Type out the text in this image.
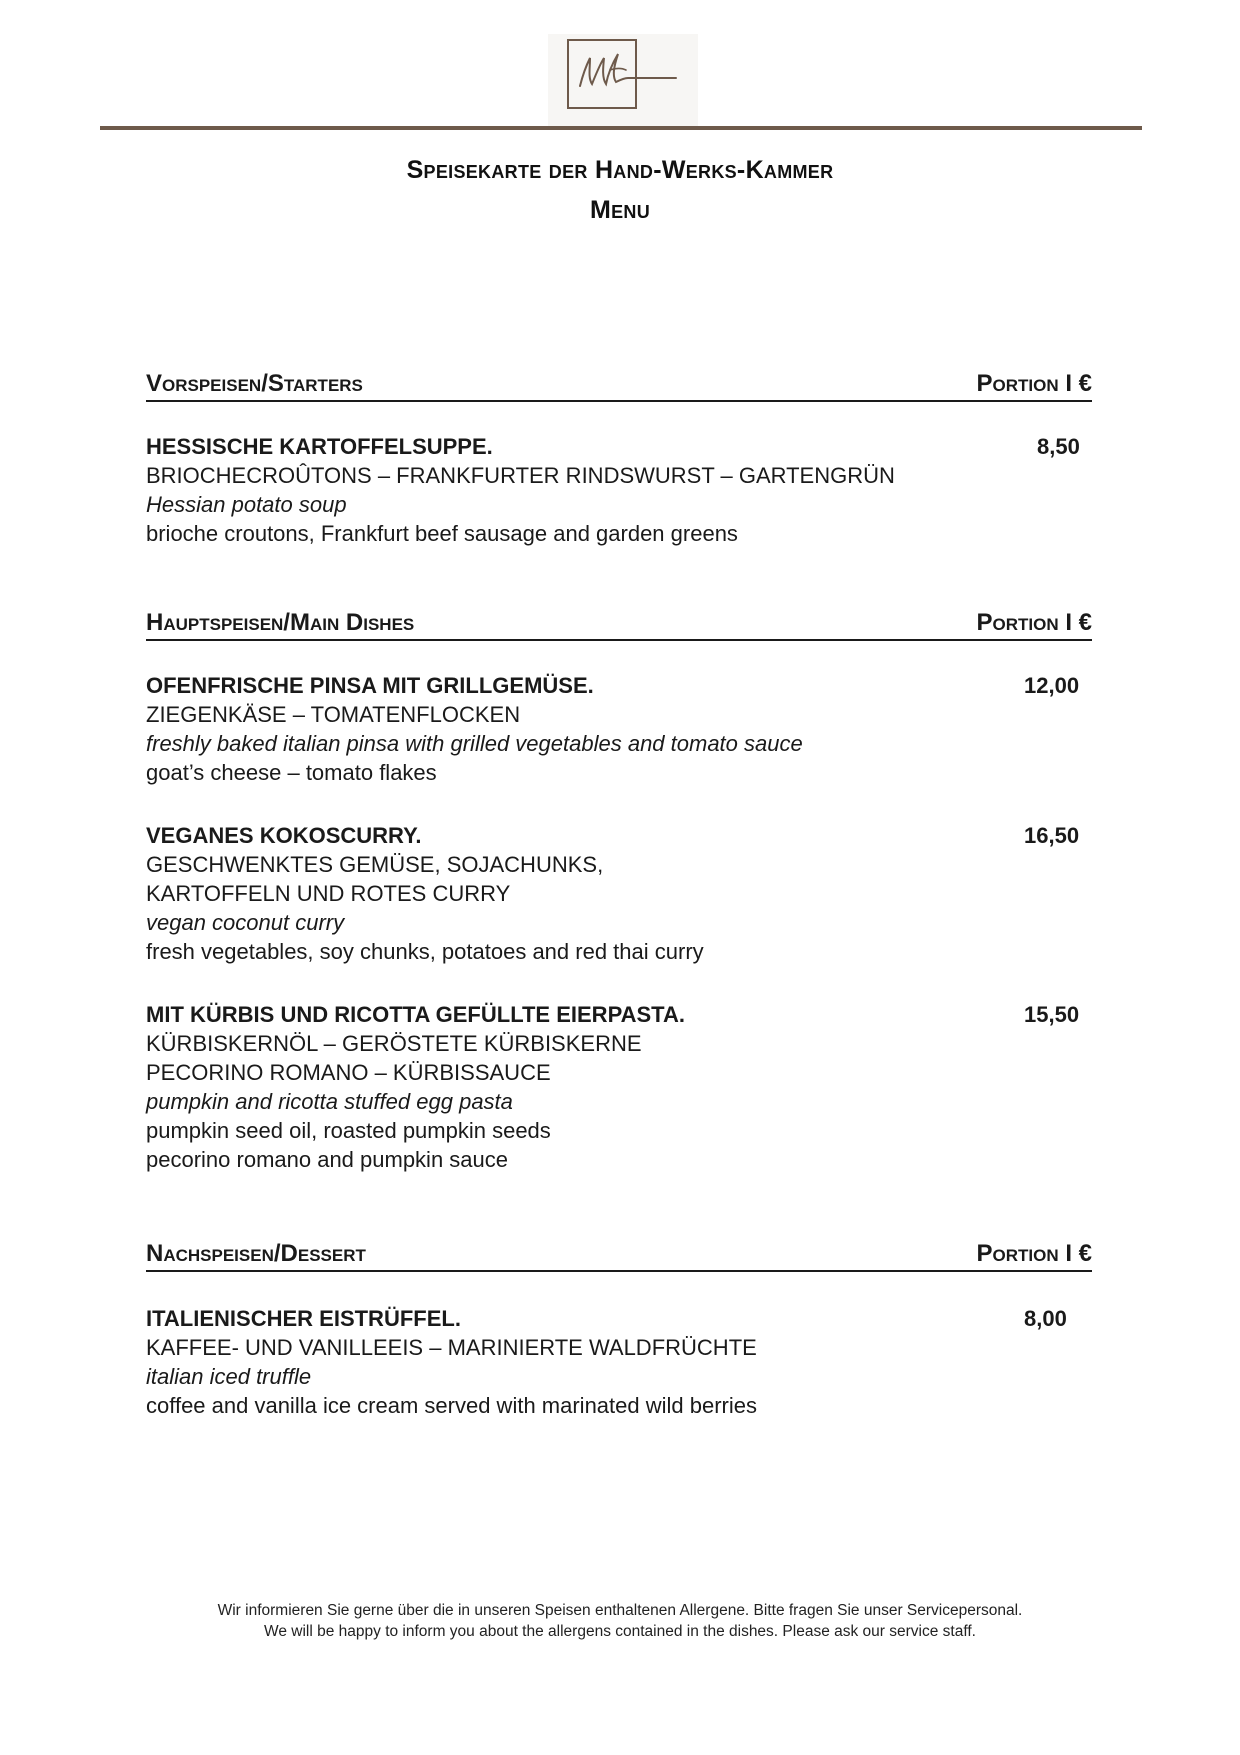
Speisekarte der Hand-Werks-Kammer
Menu
Vorspeisen/Starters	Portion I €
HESSISCHE KARTOFFELSUPPE.	8,50
BRIOCHECROÛTONS – FRANKFURTER RINDSWURST – GARTENGRÜN
Hessian potato soup
brioche croutons, Frankfurt beef sausage and garden greens
Hauptspeisen/Main Dishes	Portion I €
OFENFRISCHE PINSA MIT GRILLGEMÜSE.	12,00
ZIEGENKÄSE – TOMATENFLOCKEN
freshly baked italian pinsa with grilled vegetables and tomato sauce
goat’s cheese – tomato flakes
VEGANES KOKOSCURRY.	16,50
GESCHWENKTES GEMÜSE, SOJACHUNKS,
KARTOFFELN UND ROTES CURRY
vegan coconut curry
fresh vegetables, soy chunks, potatoes and red thai curry
MIT KÜRBIS UND RICOTTA GEFÜLLTE EIERPASTA.	15,50
KÜRBISKERNÖL – GERÖSTETE KÜRBISKERNE
PECORINO ROMANO – KÜRBISSAUCE
pumpkin and ricotta stuffed egg pasta
pumpkin seed oil, roasted pumpkin seeds
pecorino romano and pumpkin sauce
Nachspeisen/Dessert	Portion I €
ITALIENISCHER EISTRÜFFEL.	8,00
KAFFEE- UND VANILLEEIS – MARINIERTE WALDFRÜCHTE
italian iced truffle
coffee and vanilla ice cream served with marinated wild berries
Wir informieren Sie gerne über die in unseren Speisen enthaltenen Allergene. Bitte fragen Sie unser Servicepersonal.
We will be happy to inform you about the allergens contained in the dishes. Please ask our service staff.
